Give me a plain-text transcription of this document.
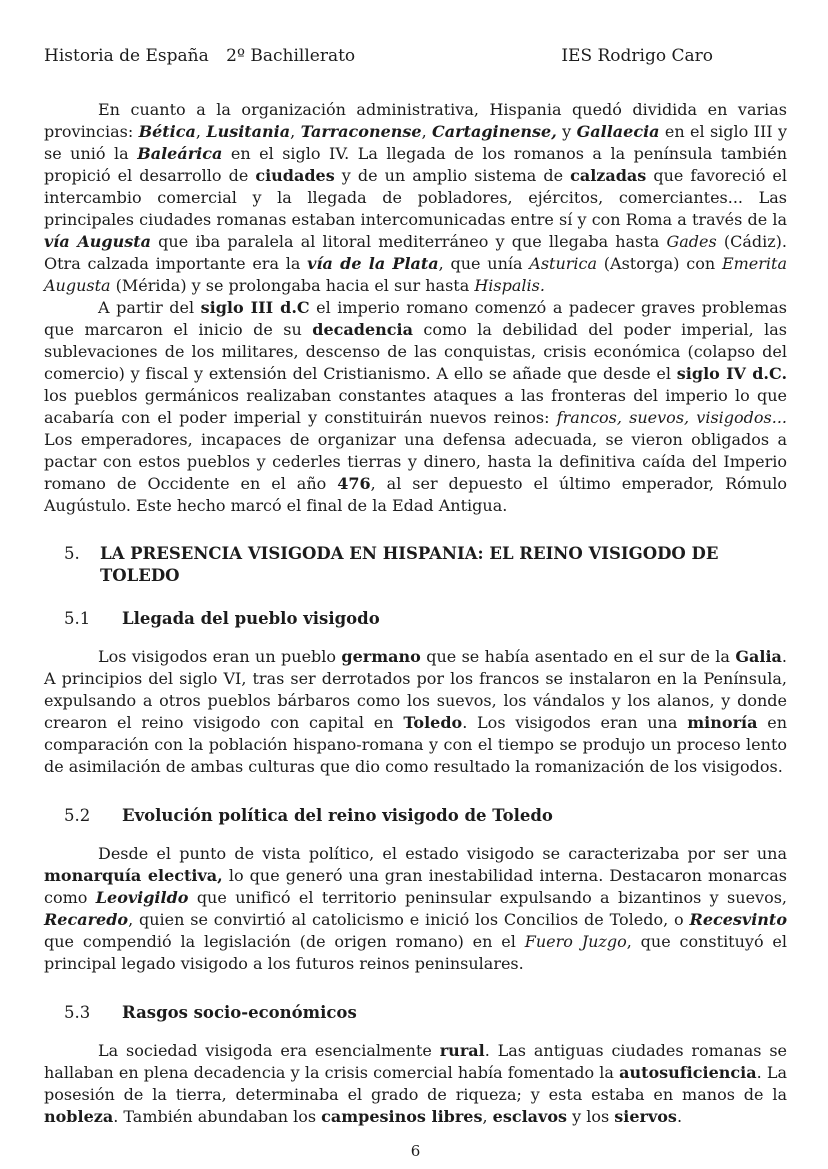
Historia de España 2º Bachillerato	IES Rodrigo Caro

En cuanto a la organización administrativa, Hispania quedó dividida en varias provincias: Bética, Lusitania, Tarraconense, Cartaginense, y Gallaecia en el siglo III y se unió la Baleárica en el siglo IV. La llegada de los romanos a la península también propició el desarrollo de ciudades y de un amplio sistema de calzadas que favoreció el intercambio comercial y la llegada de pobladores, ejércitos, comerciantes... Las principales ciudades romanas estaban intercomunicadas entre sí y con Roma a través de la vía Augusta que iba paralela al litoral mediterráneo y que llegaba hasta Gades (Cádiz). Otra calzada importante era la vía de la Plata, que unía Asturica (Astorga) con Emerita Augusta (Mérida) y se prolongaba hacia el sur hasta Hispalis.

A partir del siglo III d.C el imperio romano comenzó a padecer graves problemas que marcaron el inicio de su decadencia como la debilidad del poder imperial, las sublevaciones de los militares, descenso de las conquistas, crisis económica (colapso del comercio) y fiscal y extensión del Cristianismo. A ello se añade que desde el siglo IV d.C. los pueblos germánicos realizaban constantes ataques a las fronteras del imperio lo que acabaría con el poder imperial y constituirán nuevos reinos: francos, suevos, visigodos... Los emperadores, incapaces de organizar una defensa adecuada, se vieron obligados a pactar con estos pueblos y cederles tierras y dinero, hasta la definitiva caída del Imperio romano de Occidente en el año 476, al ser depuesto el último emperador, Rómulo Augústulo. Este hecho marcó el final de la Edad Antigua.

5.	LA PRESENCIA VISIGODA EN HISPANIA: EL REINO VISIGODO DE TOLEDO
5.1	Llegada del pueblo visigodo

Los visigodos eran un pueblo germano que se había asentado en el sur de la Galia. A principios del siglo VI, tras ser derrotados por los francos se instalaron en la Península, expulsando a otros pueblos bárbaros como los suevos, los vándalos y los alanos, y donde crearon el reino visigodo con capital en Toledo. Los visigodos eran una minoría en comparación con la población hispano-romana y con el tiempo se produjo un proceso lento de asimilación de ambas culturas que dio como resultado la romanización de los visigodos.

5.2	Evolución política del reino visigodo de Toledo

Desde el punto de vista político, el estado visigodo se caracterizaba por ser una monarquía electiva, lo que generó una gran inestabilidad interna. Destacaron monarcas como Leovigildo que unificó el territorio peninsular expulsando a bizantinos y suevos, Recaredo, quien se convirtió al catolicismo e inició los Concilios de Toledo, o Recesvinto que compendió la legislación (de origen romano) en el Fuero Juzgo, que constituyó el principal legado visigodo a los futuros reinos peninsulares.

5.3	Rasgos socio-económicos

La sociedad visigoda era esencialmente rural. Las antiguas ciudades romanas se hallaban en plena decadencia y la crisis comercial había fomentado la autosuficiencia. La posesión de la tierra, determinaba el grado de riqueza; y esta estaba en manos de la nobleza. También abundaban los campesinos libres, esclavos y los siervos.

6
